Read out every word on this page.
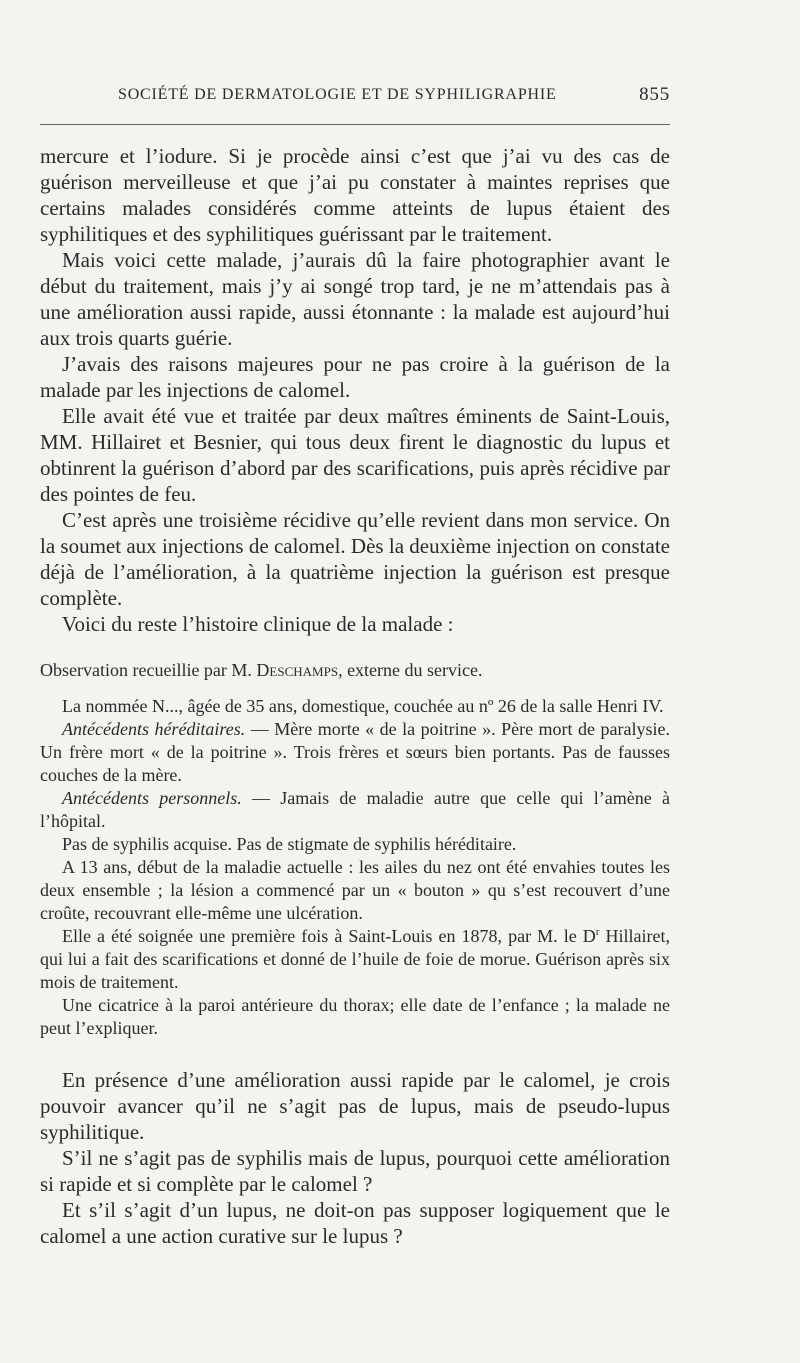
SOCIÉTÉ DE DERMATOLOGIE ET DE SYPHILIGRAPHIE	855

mercure et l’iodure. Si je procède ainsi c’est que j’ai vu des cas de guérison merveilleuse et que j’ai pu constater à maintes reprises que certains malades considérés comme atteints de lupus étaient des syphilitiques et des syphilitiques guérissant par le traitement.

Mais voici cette malade, j’aurais dû la faire photographier avant le début du traitement, mais j’y ai songé trop tard, je ne m’attendais pas à une amélioration aussi rapide, aussi étonnante : la malade est aujourd’hui aux trois quarts guérie.

J’avais des raisons majeures pour ne pas croire à la guérison de la malade par les injections de calomel.

Elle avait été vue et traitée par deux maîtres éminents de Saint-Louis, MM. Hillairet et Besnier, qui tous deux firent le diagnostic du lupus et obtinrent la guérison d’abord par des scarifications, puis après récidive par des pointes de feu.

C’est après une troisième récidive qu’elle revient dans mon service. On la soumet aux injections de calomel. Dès la deuxième injection on constate déjà de l’amélioration, à la quatrième injection la guérison est presque complète.

Voici du reste l’histoire clinique de la malade :

Observation recueillie par M. Deschamps, externe du service.

La nommée N..., âgée de 35 ans, domestique, couchée au nº 26 de la salle Henri IV.

Antécédents héréditaires. — Mère morte « de la poitrine ». Père mort de paralysie. Un frère mort « de la poitrine ». Trois frères et sœurs bien portants. Pas de fausses couches de la mère.

Antécédents personnels. — Jamais de maladie autre que celle qui l’amène à l’hôpital.

Pas de syphilis acquise. Pas de stigmate de syphilis héréditaire.

A 13 ans, début de la maladie actuelle : les ailes du nez ont été envahies toutes les deux ensemble ; la lésion a commencé par un « bouton » qu s’est recouvert d’une croûte, recouvrant elle-même une ulcération.

Elle a été soignée une première fois à Saint-Louis en 1878, par M. le $D^r$ Hillairet, qui lui a fait des scarifications et donné de l’huile de foie de morue. Guérison après six mois de traitement.

Une cicatrice à la paroi antérieure du thorax; elle date de l’enfance ; la malade ne peut l’expliquer.

En présence d’une amélioration aussi rapide par le calomel, je crois pouvoir avancer qu’il ne s’agit pas de lupus, mais de pseudo-lupus syphilitique.

S’il ne s’agit pas de syphilis mais de lupus, pourquoi cette amélioration si rapide et si complète par le calomel ?

Et s’il s’agit d’un lupus, ne doit-on pas supposer logiquement que le calomel a une action curative sur le lupus ?
